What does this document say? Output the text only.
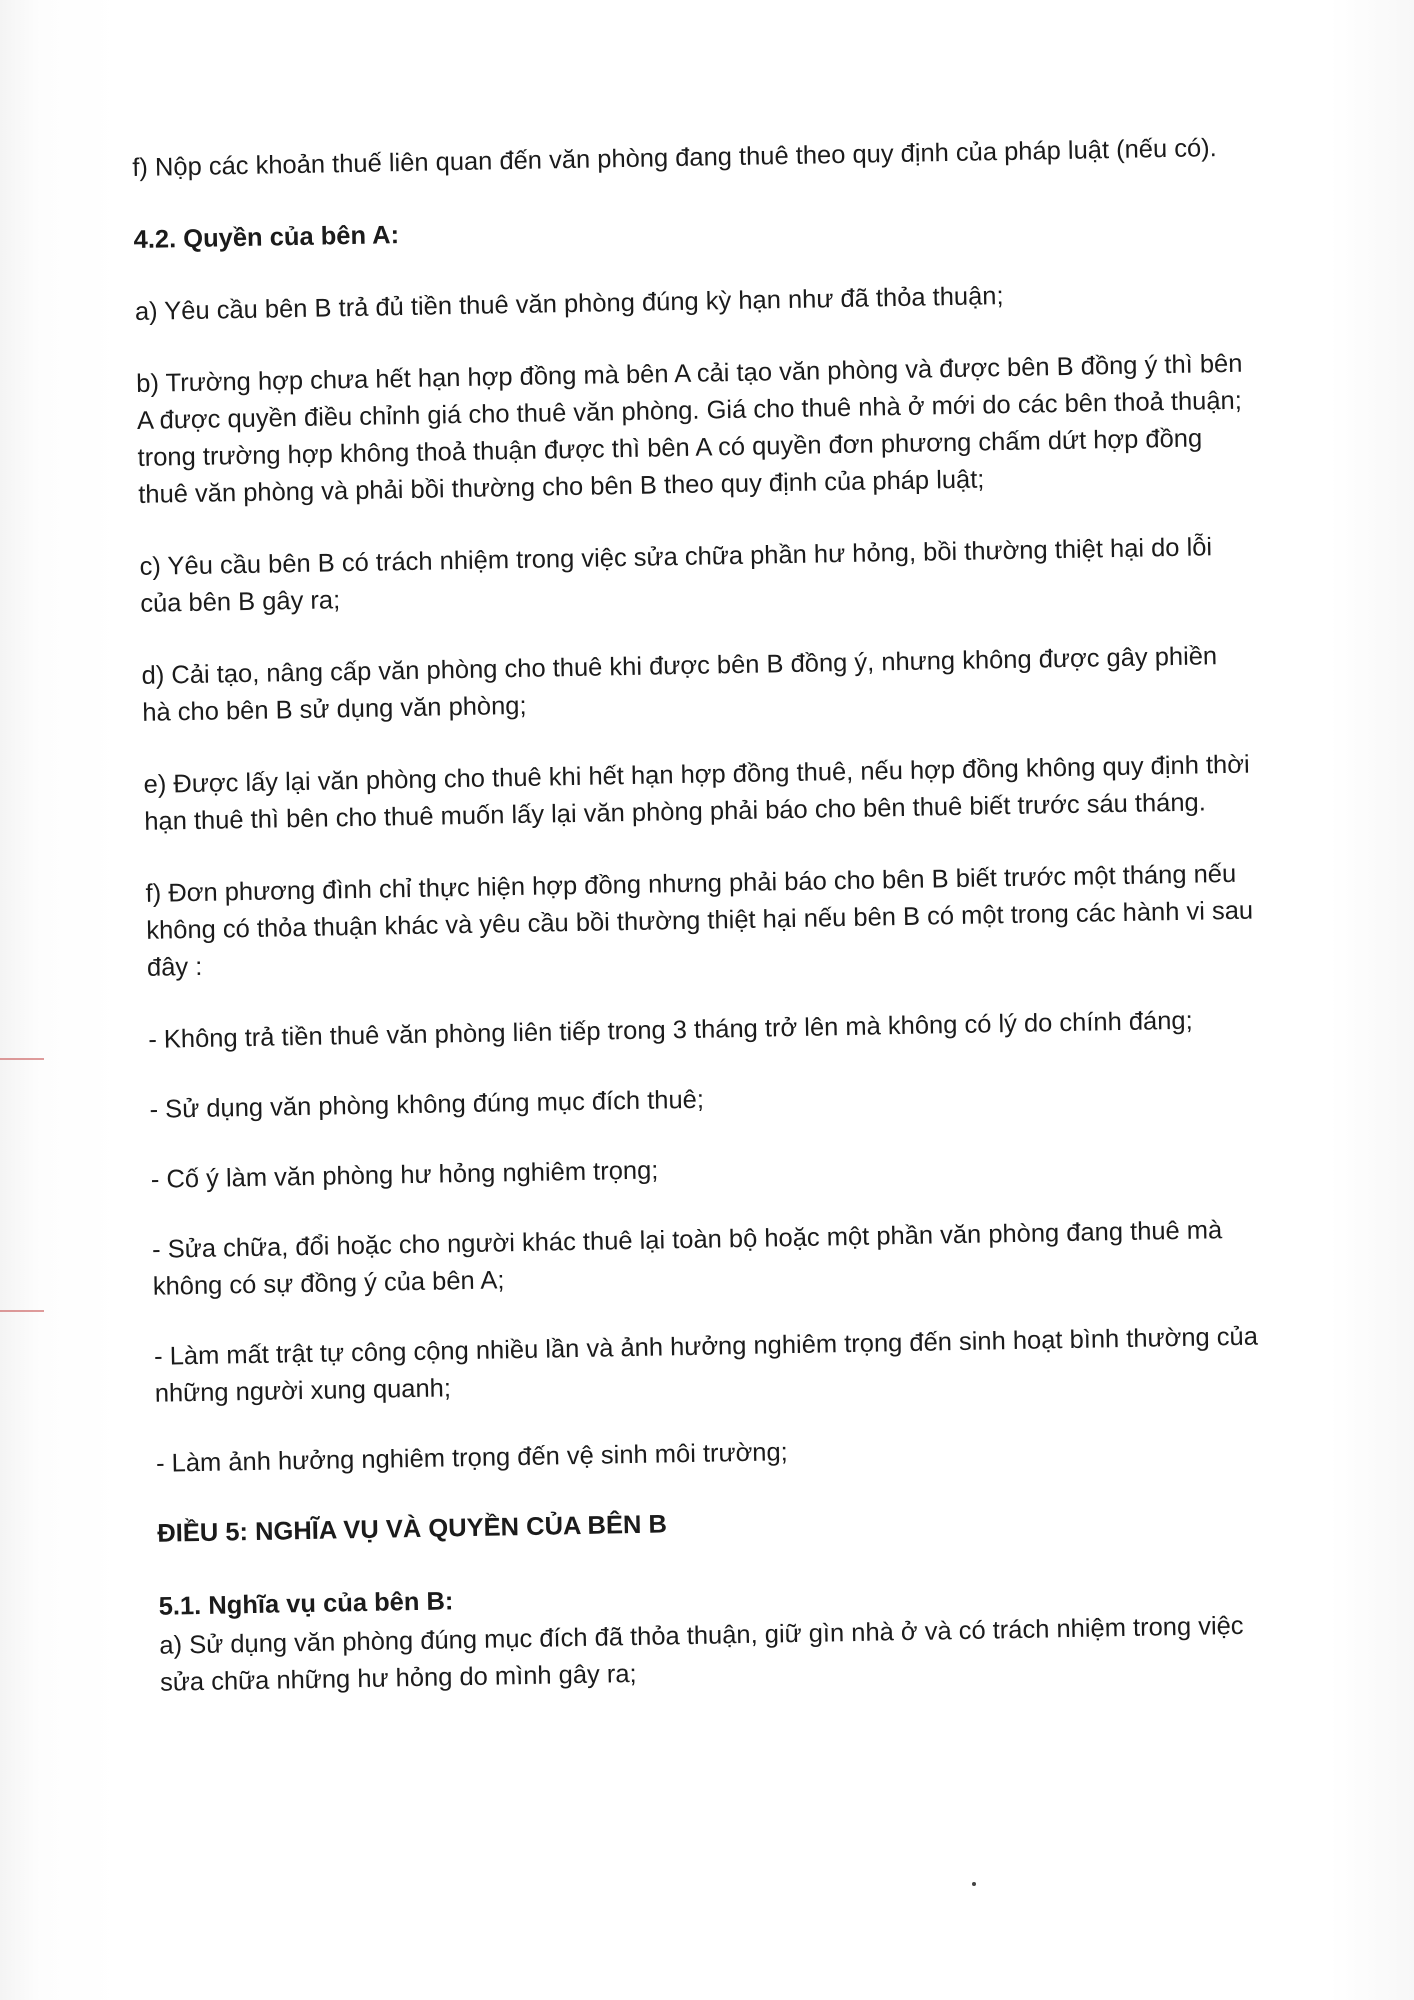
f) Nộp các khoản thuế liên quan đến văn phòng đang thuê theo quy định của pháp luật (nếu có).

4.2. Quyền của bên A:

a) Yêu cầu bên B trả đủ tiền thuê văn phòng đúng kỳ hạn như đã thỏa thuận;

b) Trường hợp chưa hết hạn hợp đồng mà bên A cải tạo văn phòng và được bên B đồng ý thì bên A được quyền điều chỉnh giá cho thuê văn phòng. Giá cho thuê nhà ở mới do các bên thoả thuận; trong trường hợp không thoả thuận được thì bên A có quyền đơn phương chấm dứt hợp đồng thuê văn phòng và phải bồi thường cho bên B theo quy định của pháp luật;

c) Yêu cầu bên B có trách nhiệm trong việc sửa chữa phần hư hỏng, bồi thường thiệt hại do lỗi của bên B gây ra;

d) Cải tạo, nâng cấp văn phòng cho thuê khi được bên B đồng ý, nhưng không được gây phiền hà cho bên B sử dụng văn phòng;

e) Được lấy lại văn phòng cho thuê khi hết hạn hợp đồng thuê, nếu hợp đồng không quy định thời hạn thuê thì bên cho thuê muốn lấy lại văn phòng phải báo cho bên thuê biết trước sáu tháng.

f) Đơn phương đình chỉ thực hiện hợp đồng nhưng phải báo cho bên B biết trước một tháng nếu không có thỏa thuận khác và yêu cầu bồi thường thiệt hại nếu bên B có một trong các hành vi sau đây :

- Không trả tiền thuê văn phòng liên tiếp trong 3 tháng trở lên mà không có lý do chính đáng;

- Sử dụng văn phòng không đúng mục đích thuê;

- Cố ý làm văn phòng hư hỏng nghiêm trọng;

- Sửa chữa, đổi hoặc cho người khác thuê lại toàn bộ hoặc một phần văn phòng đang thuê mà không có sự đồng ý của bên A;

- Làm mất trật tự công cộng nhiều lần và ảnh hưởng nghiêm trọng đến sinh hoạt bình thường của những người xung quanh;

- Làm ảnh hưởng nghiêm trọng đến vệ sinh môi trường;

ĐIỀU 5: NGHĨA VỤ VÀ QUYỀN CỦA BÊN B

5.1. Nghĩa vụ của bên B:

a) Sử dụng văn phòng đúng mục đích đã thỏa thuận, giữ gìn nhà ở và có trách nhiệm trong việc sửa chữa những hư hỏng do mình gây ra;
